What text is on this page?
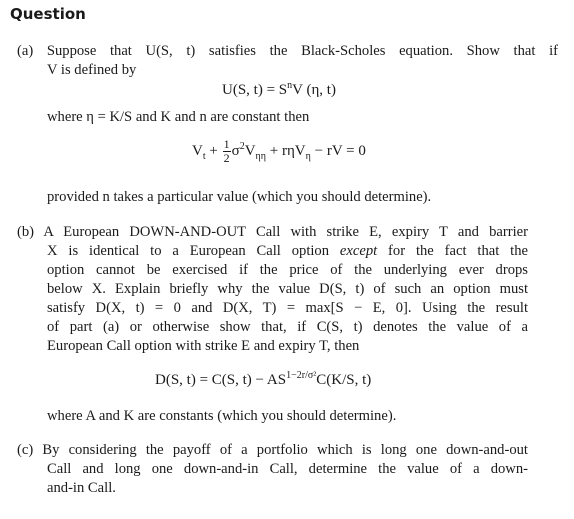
Question
(a) Suppose that U(S, t) satisfies the Black-Scholes equation. Show that if
V is defined by
U(S, $t) = S^nV$ (η, t)
where η = K/S and K and n are constant then
$V_t + \frac{1}{2} \sigma^2V_{\eta\eta} + r\eta V_\eta$ − rV = 0
provided n takes a particular value (which you should determine).
(b) A European DOWN-AND-OUT Call with strike E, expiry T and barrier
X is identical to a European Call option except for the fact that the
option cannot be exercised if the price of the underlying ever drops
below X. Explain briefly why the value D(S, t) of such an option must
satisfy D(X, t) = 0 and D(X, T) = max[S − E, 0]. Using the result
of part (a) or otherwise show that, if C(S, t) denotes the value of a
European Call option with strike E and expiry T, then
D(S, t) = C(S, $t) - AS^{1-2r/\sigma^2}C(K/S$, t)
where A and K are constants (which you should determine).
(c) By considering the payoff of a portfolio which is long one down-and-out
Call and long one down-and-in Call, determine the value of a down-
and-in Call.
